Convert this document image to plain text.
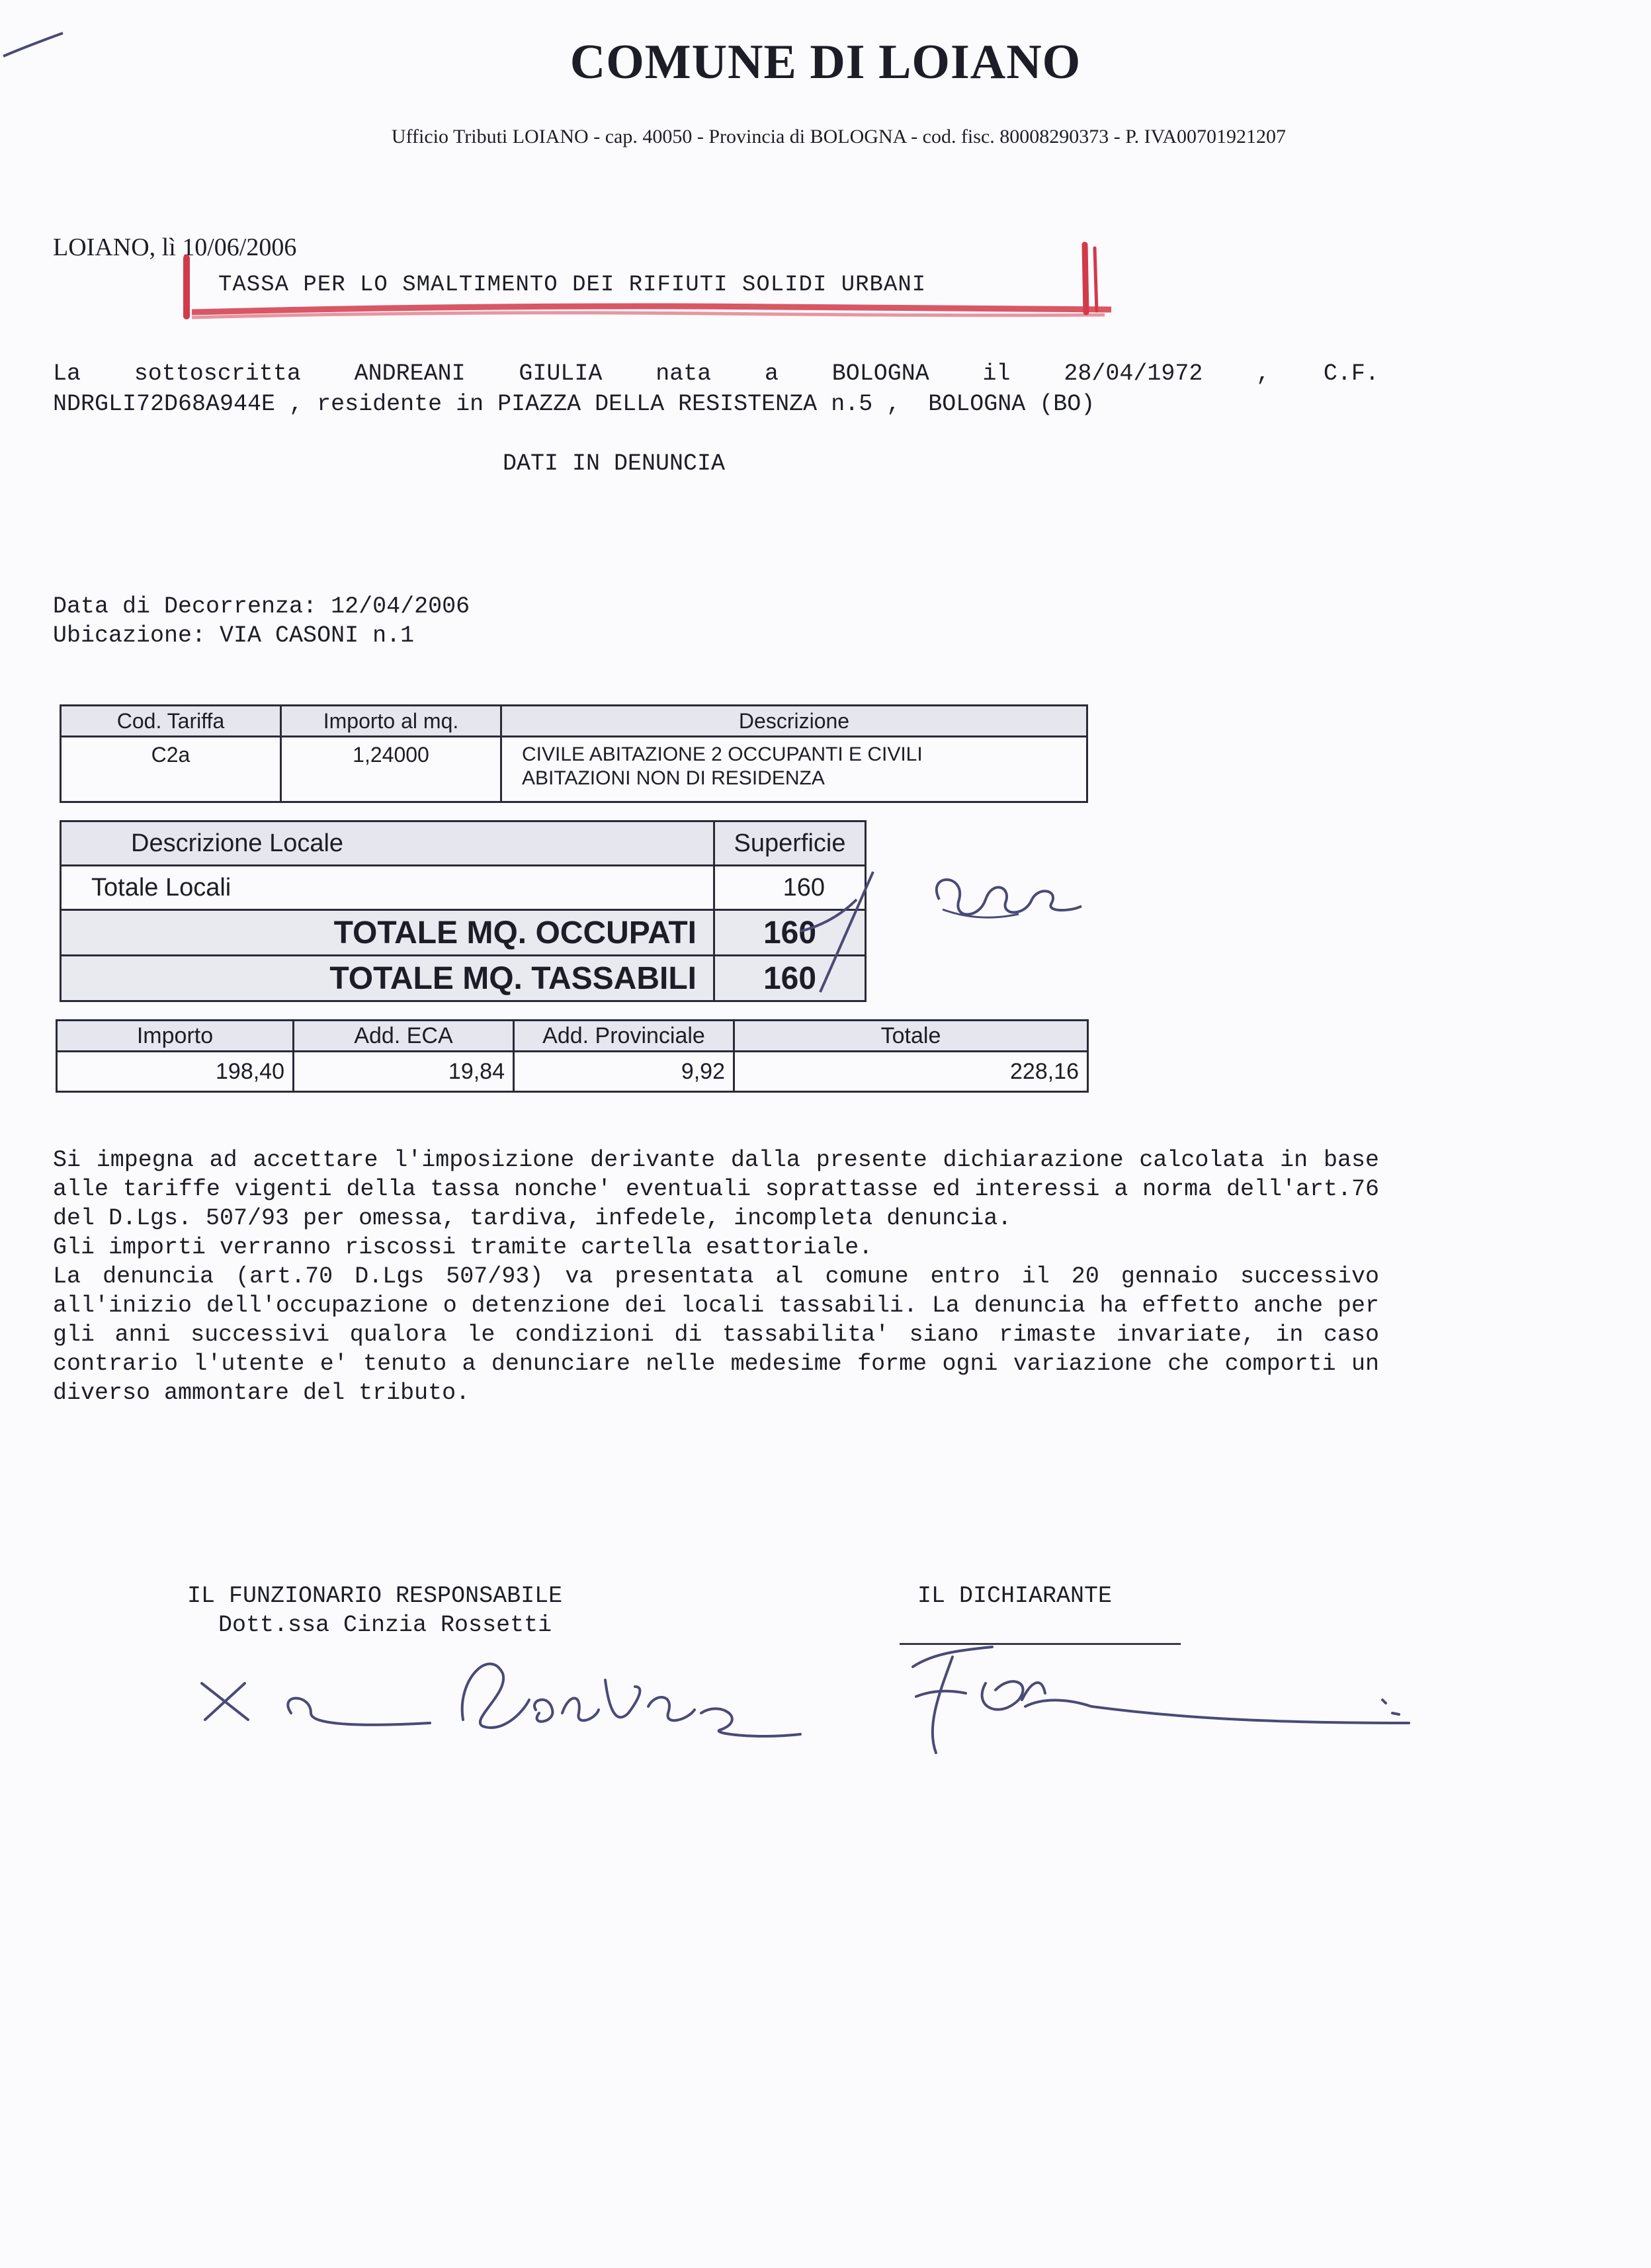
COMUNE DI LOIANO
Ufficio Tributi LOIANO - cap. 40050 - Provincia di BOLOGNA - cod. fisc. 80008290373 - P. IVA00701921207
LOIANO, lì 10/06/2006
TASSA PER LO SMALTIMENTO DEI RIFIUTI SOLIDI URBANI
La sottoscritta ANDREANI GIULIA nata a BOLOGNA il 28/04/1972 , C.F.
NDRGLI72D68A944E , residente in PIAZZA DELLA RESISTENZA n.5 ,  BOLOGNA (BO)
DATI IN DENUNCIA
Data di Decorrenza: 12/04/2006
Ubicazione: VIA CASONI n.1
Cod. Tariffa	Importo al mq.	Descrizione
C2a	1,24000	CIVILE ABITAZIONE 2 OCCUPANTI E CIVILI
ABITAZIONI NON DI RESIDENZA
Descrizione Locale	Superficie
Totale Locali	160
TOTALE MQ. OCCUPATI	160
TOTALE MQ. TASSABILI	160
Importo	Add. ECA	Add. Provinciale	Totale
198,40	19,84	9,92	228,16

Si impegna ad accettare l'imposizione derivante dalla presente dichiarazione calcolata in base alle tariffe vigenti della tassa nonche' eventuali soprattasse ed interessi a norma dell'art.76 del D.Lgs. 507/93 per omessa, tardiva, infedele, incompleta denuncia.

Gli importi verranno riscossi tramite cartella esattoriale.

La denuncia (art.70 D.Lgs 507/93) va presentata al comune entro il 20 gennaio successivo all'inizio dell'occupazione o detenzione dei locali tassabili. La denuncia ha effetto anche per gli anni successivi qualora le condizioni di tassabilita' siano rimaste invariate, in caso contrario l'utente e' tenuto a denunciare nelle medesime forme ogni variazione che comporti un diverso ammontare del tributo.

IL FUNZIONARIO RESPONSABILE
Dott.ssa Cinzia Rossetti
IL DICHIARANTE
